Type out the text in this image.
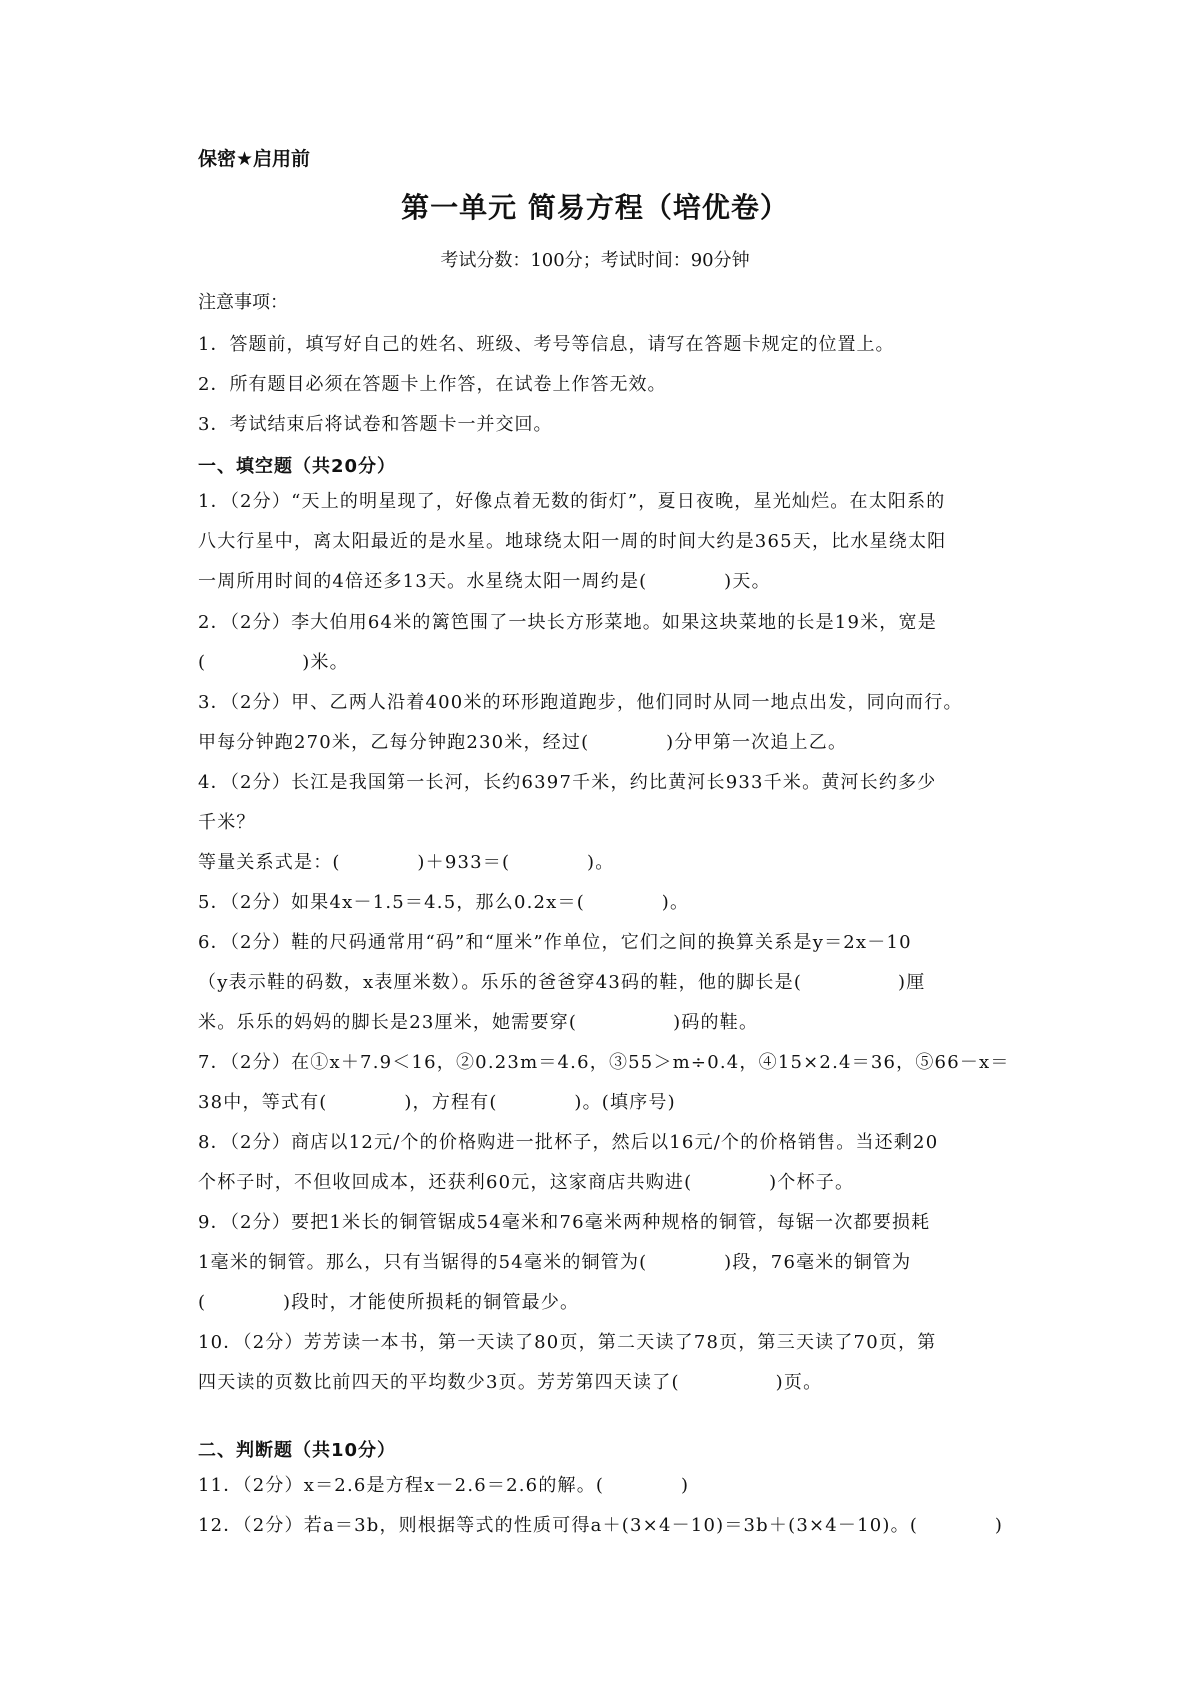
保密★启用前
第一单元 简易方程（培优卷）
考试分数：100分；考试时间：90分钟
注意事项：
1．答题前，填写好自己的姓名、班级、考号等信息，请写在答题卡规定的位置上。
2．所有题目必须在答题卡上作答，在试卷上作答无效。
3．考试结束后将试卷和答题卡一并交回。
一、填空题（共20分）
1．（2分）“天上的明星现了，好像点着无数的街灯”，夏日夜晚，星光灿烂。在太阳系的
八大行星中，离太阳最近的是水星。地球绕太阳一周的时间大约是365天，比水星绕太阳
一周所用时间的4倍还多13天。水星绕太阳一周约是(　　　　)天。
2．（2分）李大伯用64米的篱笆围了一块长方形菜地。如果这块菜地的长是19米，宽是
(　　　　　)米。
3．（2分）甲、乙两人沿着400米的环形跑道跑步，他们同时从同一地点出发，同向而行。
甲每分钟跑270米，乙每分钟跑230米，经过(　　　　)分甲第一次追上乙。
4．（2分）长江是我国第一长河，长约6397千米，约比黄河长933千米。黄河长约多少
千米？
等量关系式是：(　　　　)＋933＝(　　　　)。
5．（2分）如果4x－1.5＝4.5，那么0.2x＝(　　　　)。
6．（2分）鞋的尺码通常用“码”和“厘米”作单位，它们之间的换算关系是y＝2x－10
（y表示鞋的码数，x表厘米数）。乐乐的爸爸穿43码的鞋，他的脚长是(　　　　　)厘
米。乐乐的妈妈的脚长是23厘米，她需要穿(　　　　　)码的鞋。
7．（2分）在①x＋7.9＜16，②0.23m＝4.6，③55＞m÷0.4，④15×2.4＝36，⑤66－x＝
38中，等式有(　　　　)，方程有(　　　　)。(填序号)
8．（2分）商店以12元/个的价格购进一批杯子，然后以16元/个的价格销售。当还剩20
个杯子时，不但收回成本，还获利60元，这家商店共购进(　　　　)个杯子。
9．（2分）要把1米长的铜管锯成54毫米和76毫米两种规格的铜管，每锯一次都要损耗
1毫米的铜管。那么，只有当锯得的54毫米的铜管为(　　　　)段，76毫米的铜管为
(　　　　)段时，才能使所损耗的铜管最少。
10．（2分）芳芳读一本书，第一天读了80页，第二天读了78页，第三天读了70页，第
四天读的页数比前四天的平均数少3页。芳芳第四天读了(　　　　　)页。
二、判断题（共10分）
11．（2分）x＝2.6是方程x－2.6＝2.6的解。(　　　　)
12．（2分）若a＝3b，则根据等式的性质可得a＋(3×4－10)＝3b＋(3×4－10)。(　　　　)
